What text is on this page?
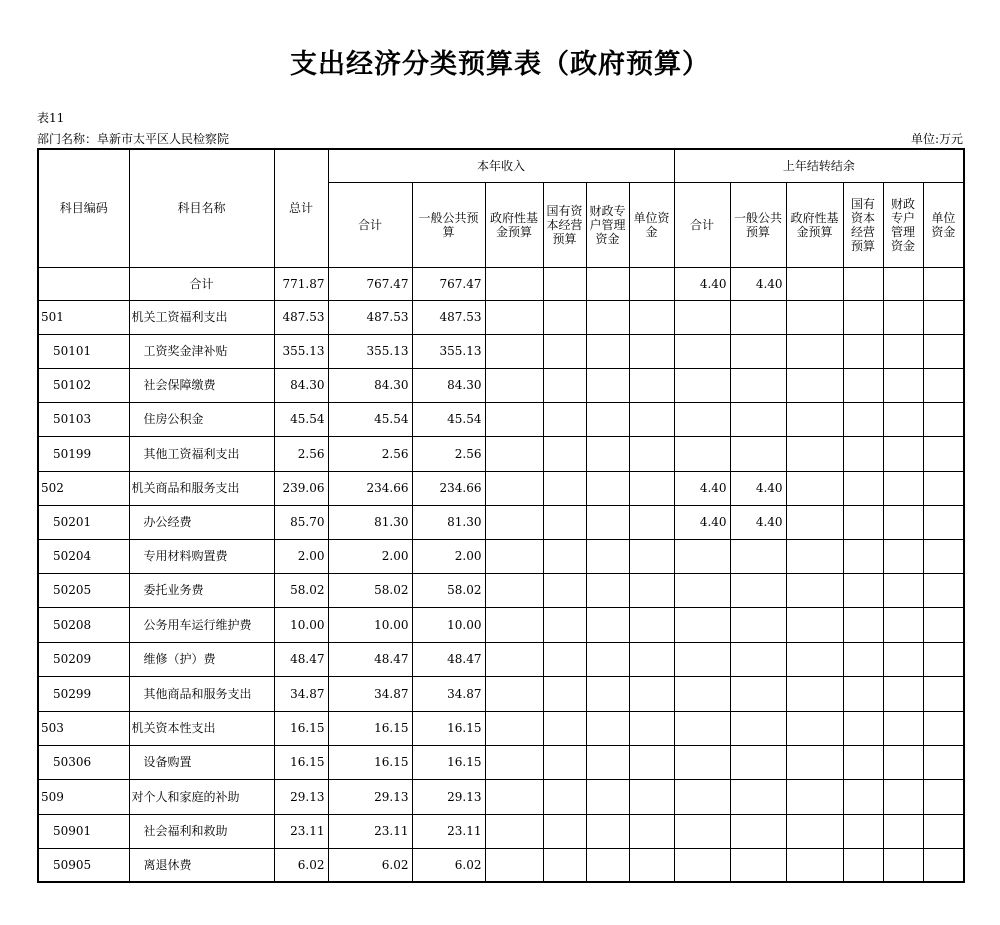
支出经济分类预算表（政府预算）
表11
部门名称：阜新市太平区人民检察院	单位:万元
科目编码	科目名称	总计	本年收入						上年结转结余					
			合计	一般公共预算	政府性基金预算	国有资本经营预算	财政专户管理资金	单位资金	合计	一般公共预算	政府性基金预算	国有资本经营预算	财政专户管理资金	单位资金
	合计	771.87	767.47	767.47					4.40	4.40				
501	机关工资福利支出	487.53	487.53	487.53										
50101	工资奖金津补贴	355.13	355.13	355.13										
50102	社会保障缴费	84.30	84.30	84.30										
50103	住房公积金	45.54	45.54	45.54										
50199	其他工资福利支出	2.56	2.56	2.56										
502	机关商品和服务支出	239.06	234.66	234.66					4.40	4.40				
50201	办公经费	85.70	81.30	81.30					4.40	4.40				
50204	专用材料购置费	2.00	2.00	2.00										
50205	委托业务费	58.02	58.02	58.02										
50208	公务用车运行维护费	10.00	10.00	10.00										
50209	维修（护）费	48.47	48.47	48.47										
50299	其他商品和服务支出	34.87	34.87	34.87										
503	机关资本性支出	16.15	16.15	16.15										
50306	设备购置	16.15	16.15	16.15										
509	对个人和家庭的补助	29.13	29.13	29.13										
50901	社会福利和救助	23.11	23.11	23.11										
50905	离退休费	6.02	6.02	6.02										
